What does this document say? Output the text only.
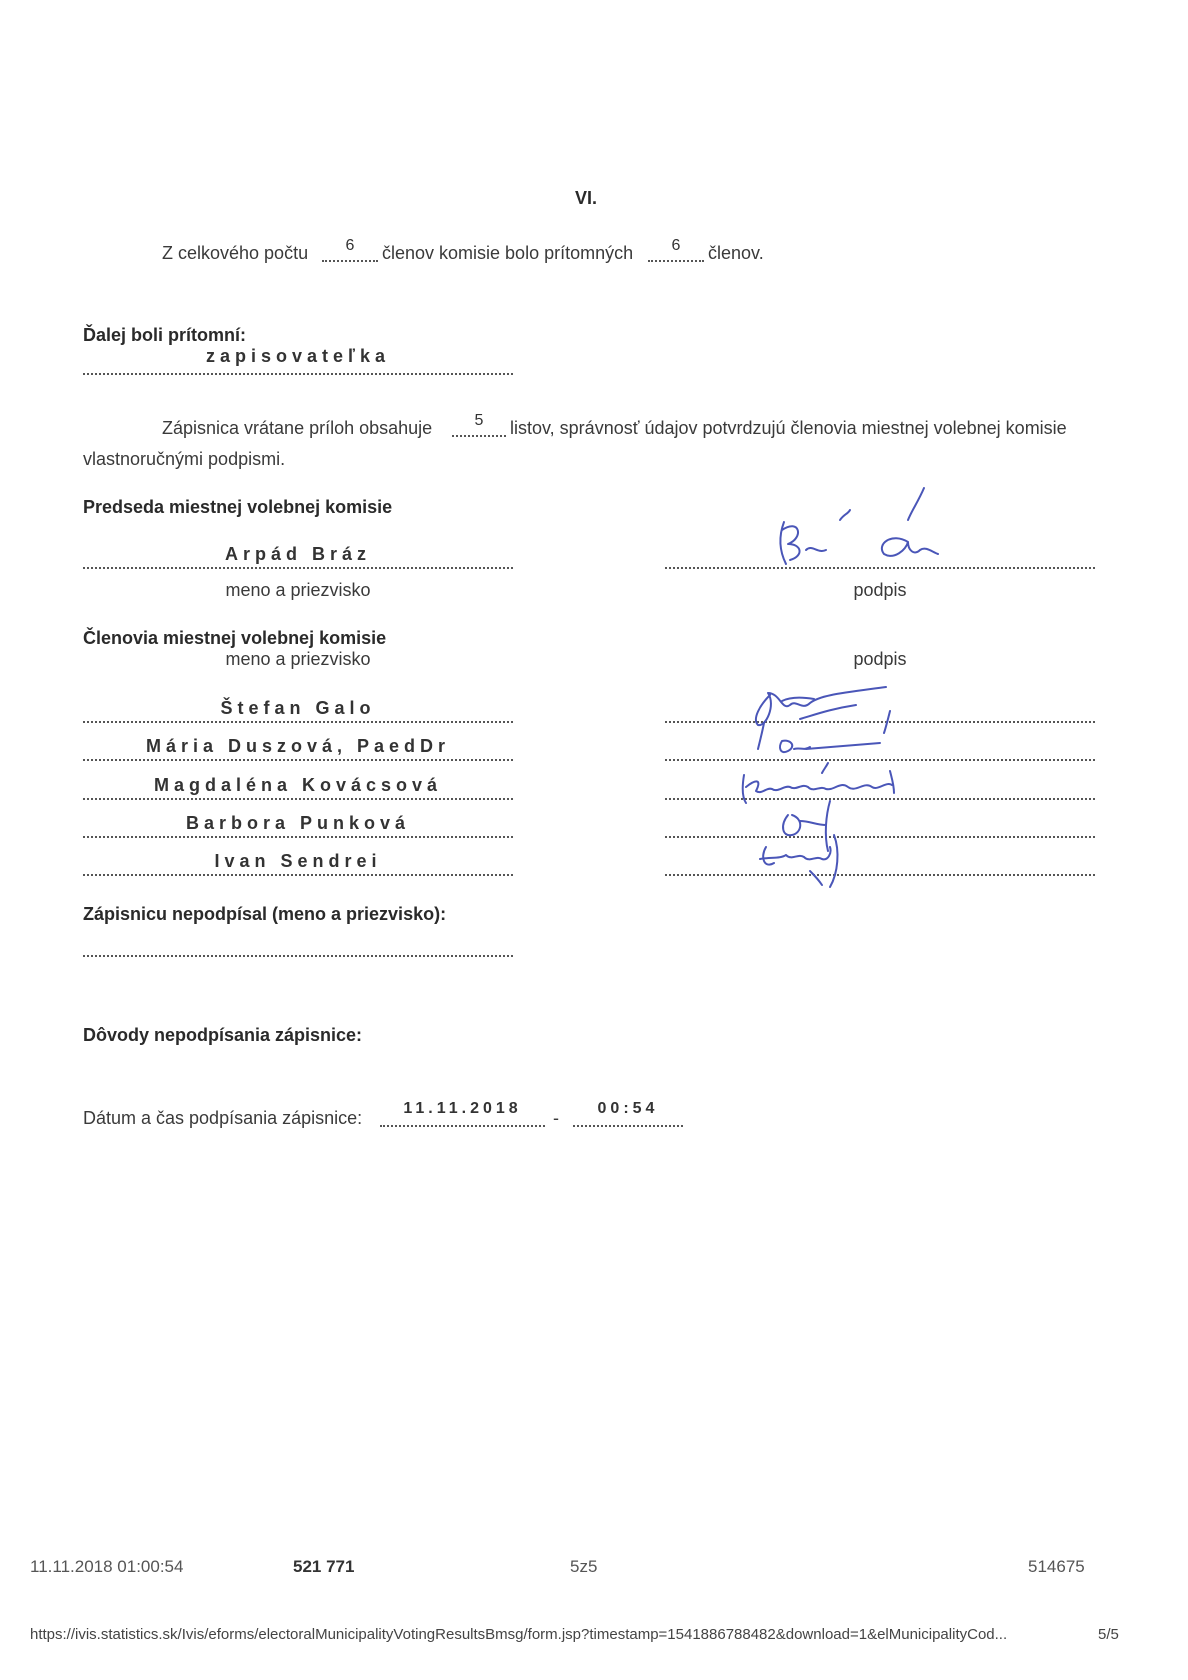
VI.
Z celkového počtu	6	členov komisie bolo prítomných	6	členov.
Ďalej boli prítomní:
zapisovateľka
Zápisnica vrátane príloh obsahuje	5	listov, správnosť údajov potvrdzujú členovia miestnej volebnej komisie
vlastnoručnými podpismi.
Predseda miestnej volebnej komisie
Arpád Bráz
meno a priezvisko	podpis
Členovia miestnej volebnej komisie
meno a priezvisko	podpis
Štefan Galo
Mária Duszová, PaedDr
Magdaléna Kovácsová
Barbora Punková
Ivan Sendrei
Zápisnicu nepodpísal (meno a priezvisko):
Dôvody nepodpísania zápisnice:
Dátum a čas podpísania zápisnice:	11.11.2018	-	00:54
11.11.2018 01:00:54	521 771	5z5	514675
https://ivis.statistics.sk/Ivis/eforms/electoralMunicipalityVotingResultsBmsg/form.jsp?timestamp=1541886788482&download=1&elMunicipalityCod...	5/5
